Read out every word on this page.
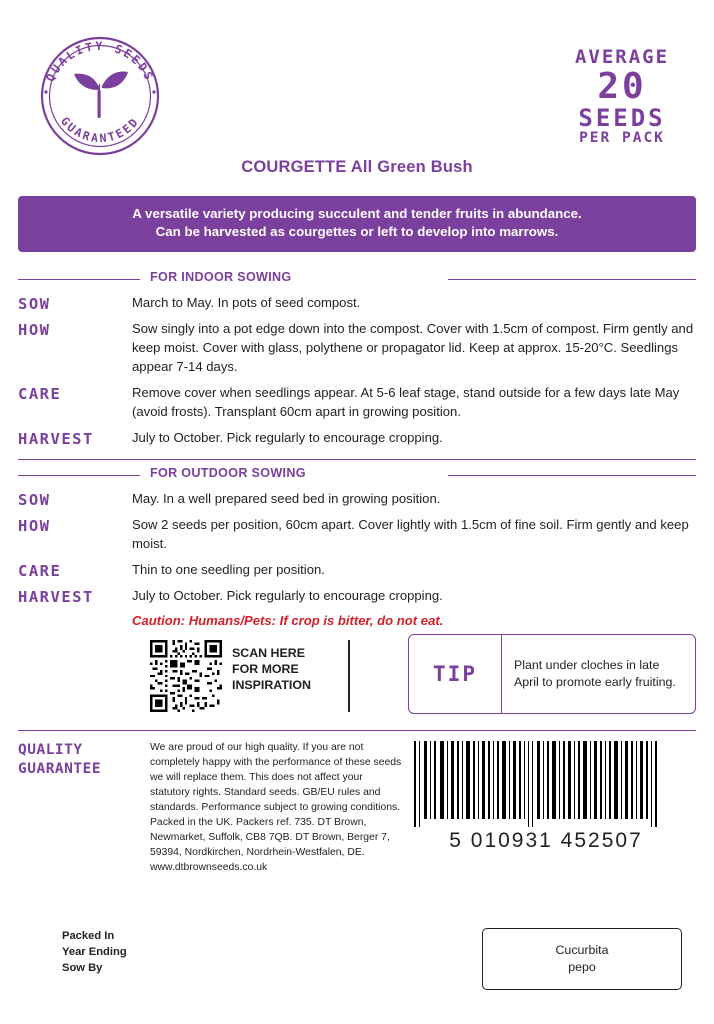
QUALITY SEEDS
GUARANTEED
AVERAGE
20
SEEDS
PER PACK
COURGETTE All Green Bush
A versatile variety producing succulent and tender fruits in abundance.
Can be harvested as courgettes or left to develop into marrows.
FOR INDOOR SOWING
SOW	March to May. In pots of seed compost.
HOW	Sow singly into a pot edge down into the compost. Cover with 1.5cm of compost. Firm gently and keep moist. Cover with glass, polythene or propagator lid. Keep at approx. 15-20°C. Seedlings appear 7-14 days.
CARE	Remove cover when seedlings appear. At 5-6 leaf stage, stand outside for a few days late May (avoid frosts). Transplant 60cm apart in growing position.
HARVEST	July to October. Pick regularly to encourage cropping.
FOR OUTDOOR SOWING
SOW	May. In a well prepared seed bed in growing position.
HOW	Sow 2 seeds per position, 60cm apart. Cover lightly with 1.5cm of fine soil. Firm gently and keep moist.
CARE	Thin to one seedling per position.
HARVEST	July to October. Pick regularly to encourage cropping.
Caution: Humans/Pets: If crop is bitter, do not eat.
SCAN HERE
FOR MORE
INSPIRATION	TIP	Plant under cloches in late April to promote early fruiting.
QUALITY
GUARANTEE
We are proud of our high quality. If you are not completely happy with the performance of these seeds we will replace them. This does not affect your statutory rights. Standard seeds. GB/EU rules and standards. Performance subject to growing conditions. Packed in the UK. Packers ref. 735. DT Brown, Newmarket, Suffolk, CB8 7QB. DT Brown, Berger 7, 59394, Nordkirchen, Nordrhein-Westfalen, DE. www.dtbrownseeds.co.uk
5 010931 452507
Packed In
Year Ending
Sow By
Cucurbita
pepo
